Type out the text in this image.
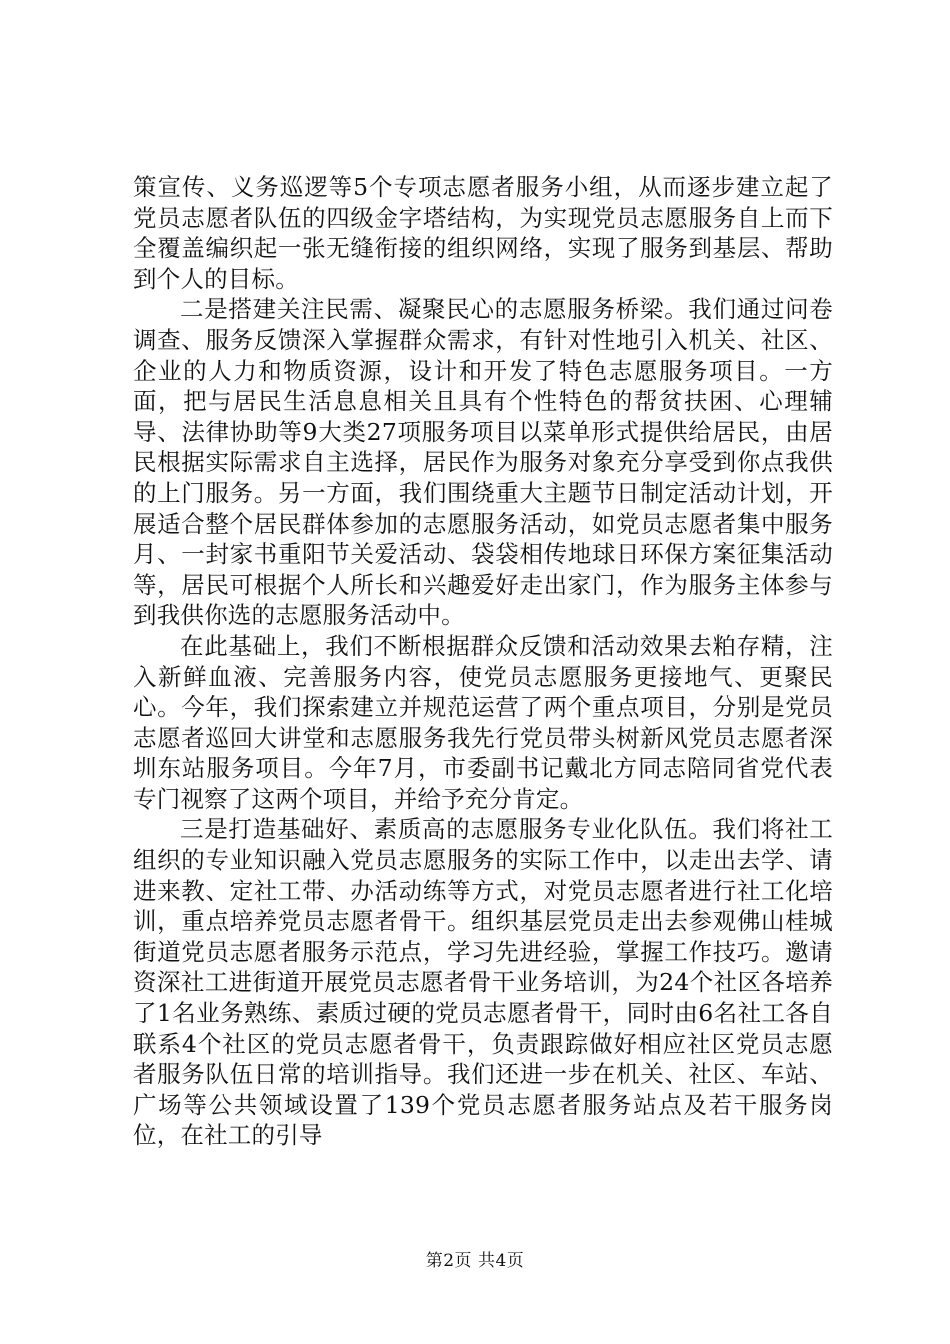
策宣传、义务巡逻等5个专项志愿者服务小组，从而逐步建立起了党员志愿者队伍的四级金字塔结构，为实现党员志愿服务自上而下全覆盖编织起一张无缝衔接的组织网络，实现了服务到基层、帮助到个人的目标。

二是搭建关注民需、凝聚民心的志愿服务桥梁。我们通过问卷调查、服务反馈深入掌握群众需求，有针对性地引入机关、社区、企业的人力和物质资源，设计和开发了特色志愿服务项目。一方面，把与居民生活息息相关且具有个性特色的帮贫扶困、心理辅导、法律协助等9大类27项服务项目以菜单形式提供给居民，由居民根据实际需求自主选择，居民作为服务对象充分享受到你点我供的上门服务。另一方面，我们围绕重大主题节日制定活动计划，开展适合整个居民群体参加的志愿服务活动，如党员志愿者集中服务月、一封家书重阳节关爱活动、袋袋相传地球日环保方案征集活动等，居民可根据个人所长和兴趣爱好走出家门，作为服务主体参与到我供你选的志愿服务活动中。

在此基础上，我们不断根据群众反馈和活动效果去粕存精，注入新鲜血液、完善服务内容，使党员志愿服务更接地气、更聚民心。今年，我们探索建立并规范运营了两个重点项目，分别是党员志愿者巡回大讲堂和志愿服务我先行党员带头树新风党员志愿者深圳东站服务项目。今年7月，市委副书记戴北方同志陪同省党代表专门视察了这两个项目，并给予充分肯定。

三是打造基础好、素质高的志愿服务专业化队伍。我们将社工组织的专业知识融入党员志愿服务的实际工作中，以走出去学、请进来教、定社工带、办活动练等方式，对党员志愿者进行社工化培训，重点培养党员志愿者骨干。组织基层党员走出去参观佛山桂城街道党员志愿者服务示范点，学习先进经验，掌握工作技巧。邀请资深社工进街道开展党员志愿者骨干业务培训，为24个社区各培养了1名业务熟练、素质过硬的党员志愿者骨干，同时由6名社工各自联系4个社区的党员志愿者骨干，负责跟踪做好相应社区党员志愿者服务队伍日常的培训指导。我们还进一步在机关、社区、车站、广场等公共领域设置了139个党员志愿者服务站点及若干服务岗位，在社工的引导

第2页 共4页
